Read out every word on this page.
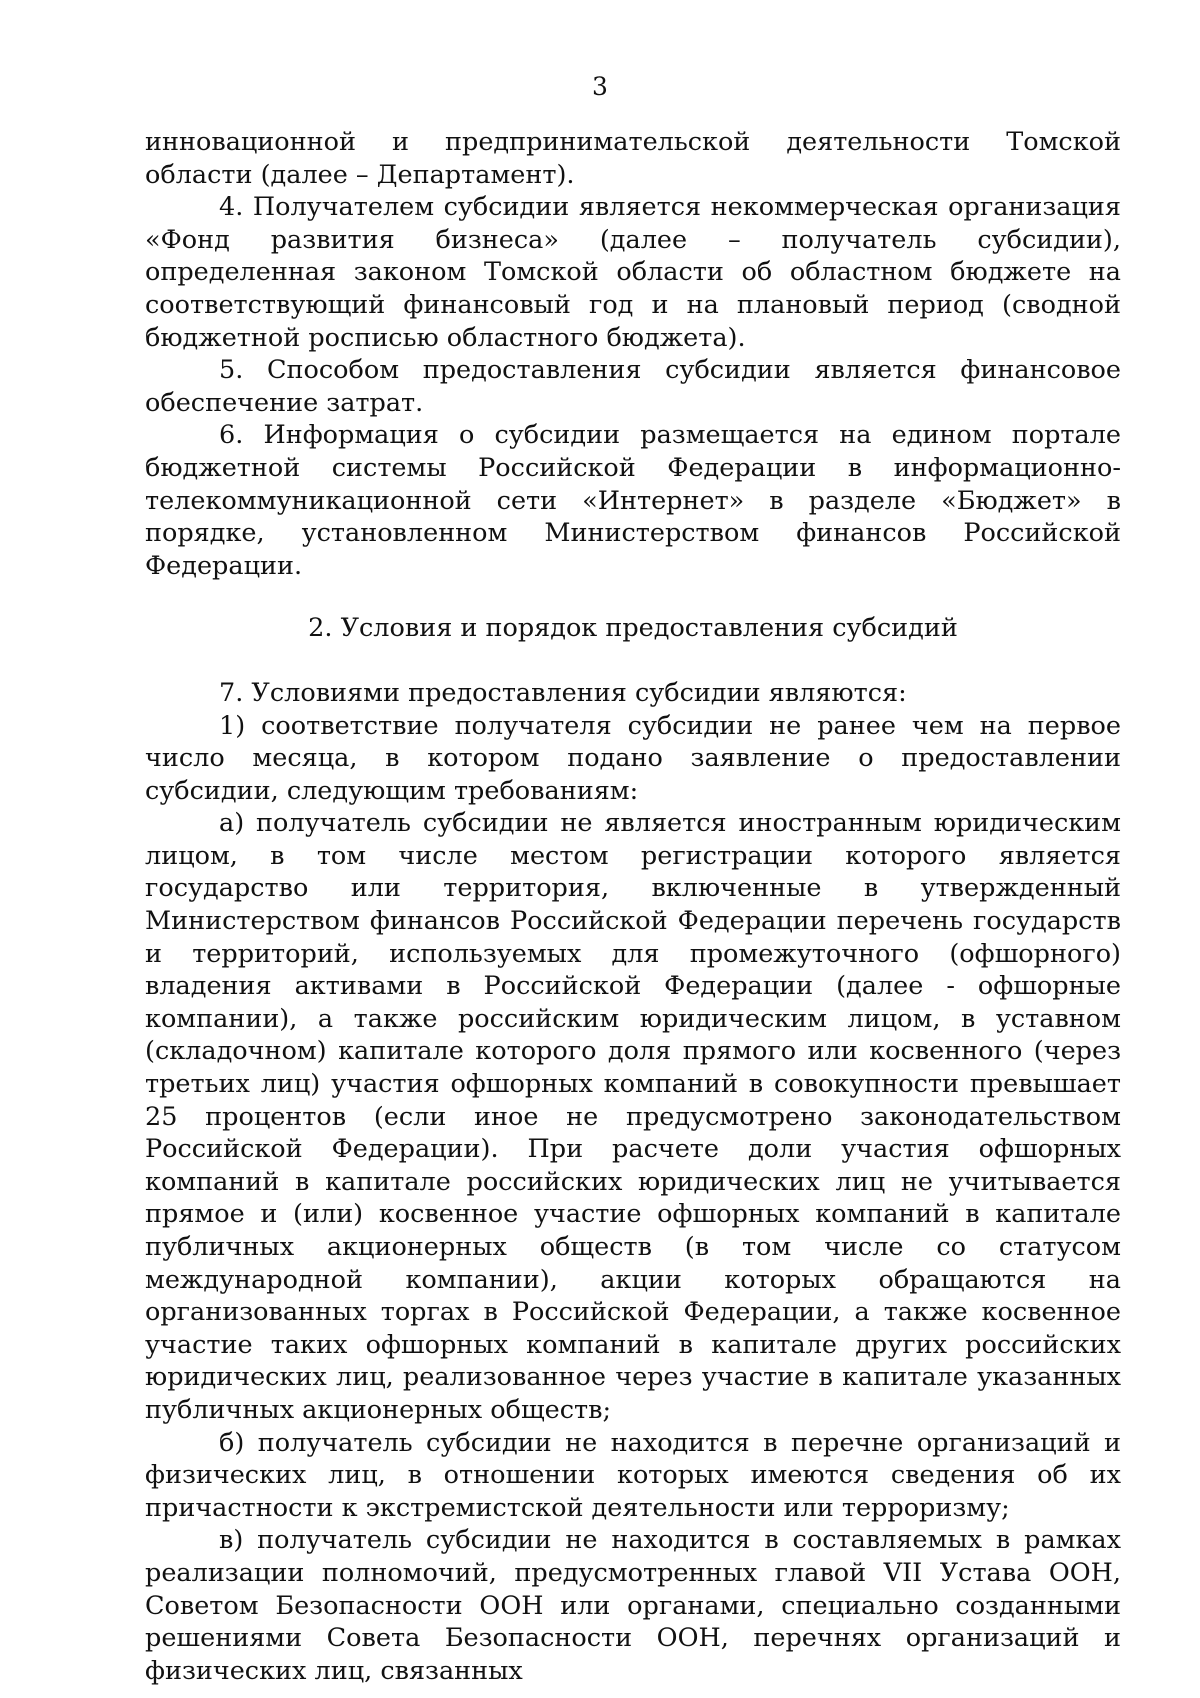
3

инновационной и предпринимательской деятельности Томской области (далее – Департамент).

4. Получателем субсидии является некоммерческая организация «Фонд развития бизнеса» (далее – получатель субсидии), определенная законом Томской области об областном бюджете на соответствующий финансовый год и на плановый период (сводной бюджетной росписью областного бюджета).

5. Способом предоставления субсидии является финансовое обеспечение затрат.

6. Информация о субсидии размещается на едином портале бюджетной системы Российской Федерации в информационно-телекоммуникационной сети «Интернет» в разделе «Бюджет» в порядке, установленном Министерством финансов Российской Федерации.

2. Условия и порядок предоставления субсидий

7. Условиями предоставления субсидии являются:

1) соответствие получателя субсидии не ранее чем на первое число месяца, в котором подано заявление о предоставлении субсидии, следующим требованиям:

а) получатель субсидии не является иностранным юридическим лицом, в том числе местом регистрации которого является государство или территория, включенные в утвержденный Министерством финансов Российской Федерации перечень государств и территорий, используемых для промежуточного (офшорного) владения активами в Российской Федерации (далее - офшорные компании), а также российским юридическим лицом, в уставном (складочном) капитале которого доля прямого или косвенного (через третьих лиц) участия офшорных компаний в совокупности превышает 25 процентов (если иное не предусмотрено законодательством Российской Федерации). При расчете доли участия офшорных компаний в капитале российских юридических лиц не учитывается прямое и (или) косвенное участие офшорных компаний в капитале публичных акционерных обществ (в том числе со статусом международной компании), акции которых обращаются на организованных торгах в Российской Федерации, а также косвенное участие таких офшорных компаний в капитале других российских юридических лиц, реализованное через участие в капитале указанных публичных акционерных обществ;

б) получатель субсидии не находится в перечне организаций и физических лиц, в отношении которых имеются сведения об их причастности к экстремистской деятельности или терроризму;

в) получатель субсидии не находится в составляемых в рамках реализации полномочий, предусмотренных главой VII Устава ООН, Советом Безопасности ООН или органами, специально созданными решениями Совета Безопасности ООН, перечнях организаций и физических лиц, связанных
